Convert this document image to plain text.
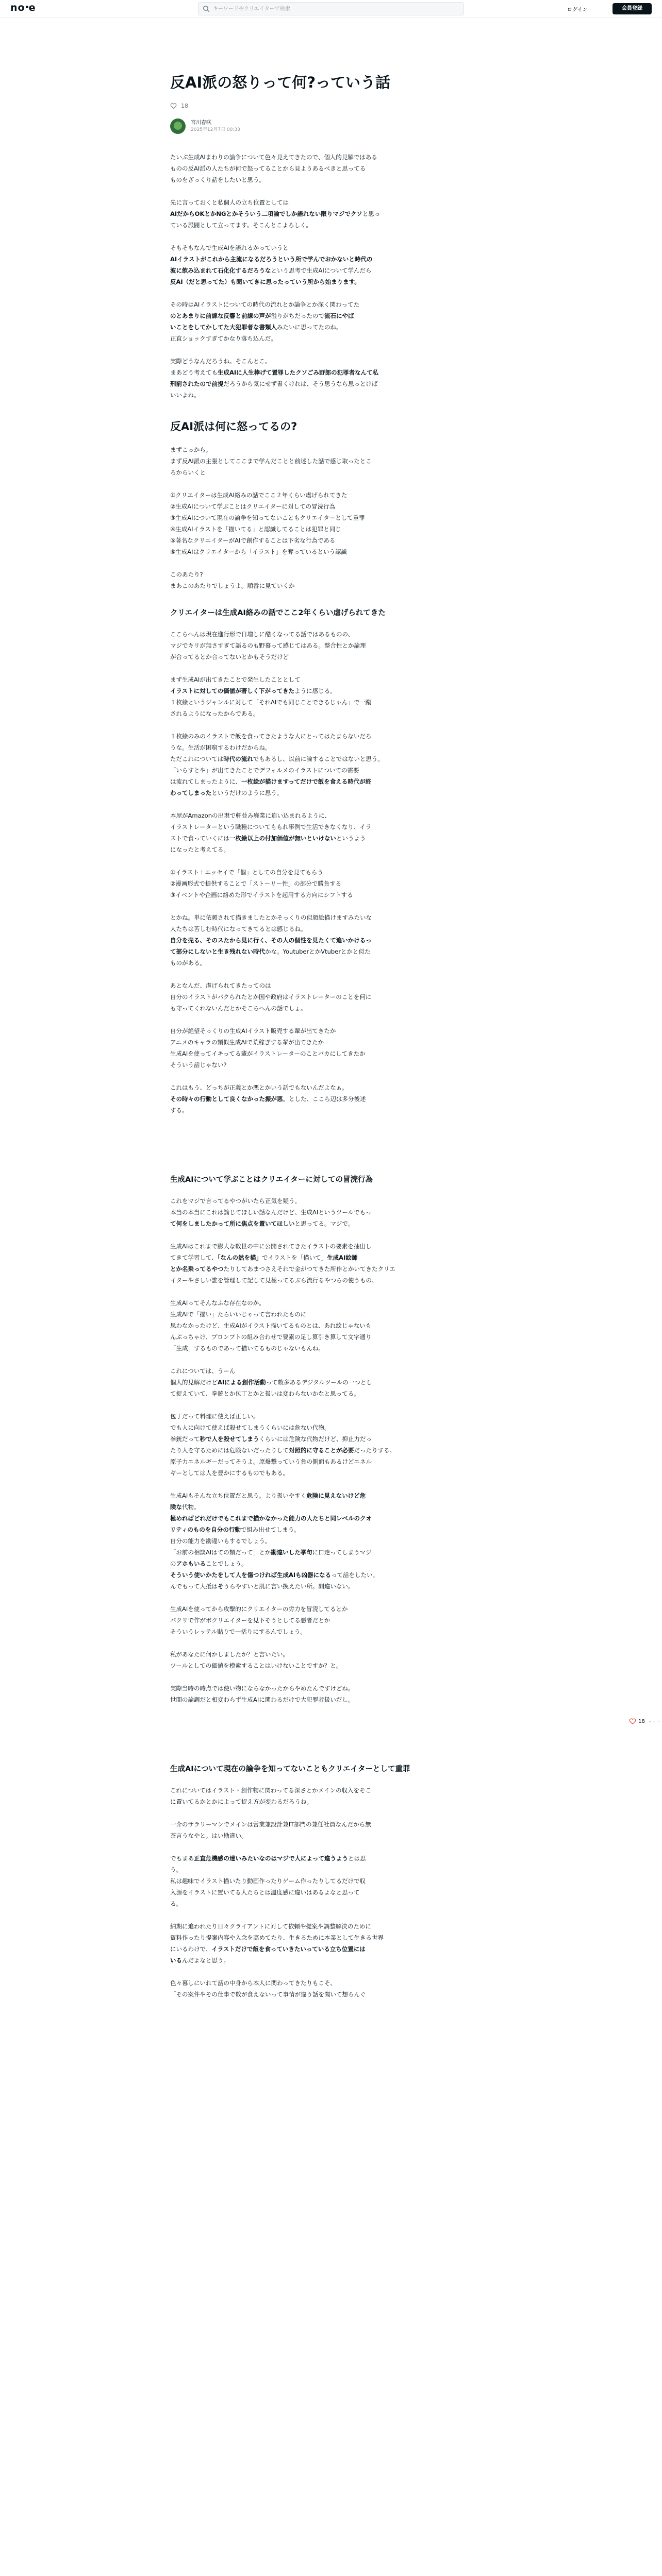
no e
キーワードやクリエイターで検索	ログイン	会員登録
反AI派の怒りって何?っていう話
18
宮川春咲
2025年12月7日 00:33

たいぶ生成AIまわりの論争について色々見えてきたので、個人的見解ではある
ものの反AI派の人たちが何で怒ってることから見ようあるべきと思ってる
ものをざっくり話をしたいと思う。

先に言っておくと私個人の立ち位置としては
AIだからOKとかNGとかそういう二項論でしか語れない限りマジでクソと思っ
ている派閥として立ってます。そこんとこよろしく。

そもそもなんで生成AIを語れるかっていうと
AIイラストがこれから主流になるだろうという所で学んでおかないと時代の
波に飲み込まれて石化化するだろうなという思考で生成AIについて学んだら
反AI（だと思ってた）も聞いてきに思ったっていう所から始まります。

その時はAIイラストについての時代の流れとか論争とか深く関わってた
のとあまりに前線な反響と前線の声が溢りがちだったので流石にやば
いことをしてかしてた大犯罪者な書類人みたいに思ってたのね。
正直ショックすぎてかなり落ち込んだ。

実際どうなんだろうね。そこんとこ。
まあどう考えても生成AIに人生棒げて置罪したクソごみ野郎の犯罪者なんて私
刑罰されたので前提だろうから気にせず書くけれは、そう思うなら思っとけば
いいよね。

反AI派は何に怒ってるの?

まずこっから。
まず反AI派の主張としてここまで学んだことと前述した話で感じ取ったとこ
ろからいくと

①クリエイターは生成AI絡みの話でここ２年くらい虐げられてきた
②生成AIについて学ぶことはクリエイターに対しての冒涜行為
③生成AIについて現在の論争を知ってないこともクリエイターとして重罪
④生成AIイラストを「描いてる」と認識してることは犯罪と同じ
⑤著名なクリエイターがAIで創作することは下劣な行為である
⑥生成AIはクリエイターから「イラスト」を奪っているという認識

このあたり?
まあこのあたりでしょうよ。順番に見ていくか

クリエイターは生成AI絡みの話でここ2年くらい虐げられてきた

ここらへんは現在進行形で日増しに酷くなってる話ではあるものの、
マジでキリが無さすぎて語るのも野暮って感じてはある。整合性とか論理
が合ってるとか合ってないとかもそうだけど

まず生成AIが出てきたことで発生したこととして
イラストに対しての価値が著しく下がってきたように感じる。
１枚絵というジャンルに対して「それAIでも同じことできるじゃん」で一蹴
されるようになったからである。

１枚絵のみのイラストで飯を食ってきたような人にとってはたまらないだろ
うな。生活が困窮するわけだからね。
ただこれについては時代の流れでもあるし、以前に論することではないと思う。
「いらすとや」が出てきたことでデフォルメのイラストについての需要
は流れてしまったように、一枚絵が描けますってだけで飯を食える時代が終
わってしまったというだけのように思う。

本屋がAmazonの出現で軒並み廃業に追い込まれるように、
イラストレーターという職種についてももれ事例で生活できなくなり、イラ
ストで食っていくには一枚絵以上の付加価値が無いといけないというよう
になったと考えてる。

①イラスト＋エッセイで「個」としての自分を見てもらう
②漫画形式で提供することで「ストーリー性」の部分で勝負する
③イベントや企画に絡めた形でイラストを起用する方向にシフトする

とかね。単に依頼されて描きましたとかそっくりの似顔絵描けますみたいな
人たちは苦しむ時代になってきてるとは感じるね。
自分を売る、そのスたから見に行く、その人の個性を見たくて追いかけるっ
て部分にしないと生き残れない時代かな。YoutuberとかVtuberとかと似た
ものがある。

あとなんだ、虐げられてきたってのは
自分のイラストがパクられたとか国や政府はイラストレーターのことを何に
も守ってくれないんだとかそこらへんの話でしょ。

自分が絶望そっくりの生成AIイラスト販売する輩が出てきたか
アニメのキャラの類似生成AIで荒稼ぎする輩が出てきたか
生成AIを使ってイキってる輩がイラストレーターのことバカにしてきたか
そういう話じゃない?

これはもう、どっちが正義とか悪とかいう話でもないんだよなぁ。
その時々の行動として良くなかった振が悪。とした、ここら辺は多分後述
する。

生成AIについて学ぶことはクリエイターに対しての冒涜行為

これをマジで言ってるやつがいたら正気を疑う。
本当の本当にこれは論じてほしい話なんだけど、生成AIというツールでもっ
て何をしましたかって所に焦点を置いてほしいと思ってる。マジで。

生成AIはこれまで膨大な数世の中に公開されてきたイラストの要素を抽出し
てきて学習して、「なんの然を描」でイラストを「描いて」生成AI絵師
とか名乗ってるやつたりしてあまつさえそれで金がつてきた所作とかいてきたクリエ
イターやさしい誰を管理して記して見極ってるぶら流行るやつらの使うもの。

生成AIってそんなふな存在なのか。
生成AIで「描い」たらいいじゃって言われたものに
思わなかったけど、生成AIがイラスト描いてるものとは、あれ絵じゃないも
んぶっちゃけ、プロンプトの組み合わせで要素の足し算引き算して文字通り
「生成」するものであって描いてるものじゃないもんね。

これについては、うーん
個人的見解だけどAIによる創作活動って数多あるデジタルツールの一つとし
て捉えていて、拳銃とか包丁とかと扱いは変わらないかなと思ってる。

包丁だって料理に使えば正しい。
でも人に向けて使えば殺せてしまうくらいには危ない代物。
拳銃だって秒で人を殺せてしまうくらいには危険な代物だけど、抑止力だっ
たり人を守るためには危険ないだったりして対照的に守ることが必要だったりする。
原子力エネルギーだってそうよ。原爆撃っていう負の側面もあるけどエネル
ギーとしては人を豊かにするものでもある。

生成AIもそんな立ち位置だと思う。より扱いやすく危険に見えないけど危
険な代物。
極めればどれだけでもこれまで描かなかった能力の人たちと同レベルのクオ
リティのものを自分の行動で組み出せてしまう。
自分の能力を勘違いもするでしょう。
「お前の相談AIはての類だって」とか勘違いした挙句に口走ってしまうマジ
のアホもいることでしょう。
そういう使いかたをして人を傷つければ生成AIも凶器になるって話をしたい。
んでもって大抵はそうらやすいと肌に言い換えたい所。間違いない。

生成AIを使ってから攻撃的にクリエイターの労力を冒涜してるとか
パクリで作がボクリエイターを見下そうとしてる悪者だとか
そういうレッテル貼りで一括りにするんでしょう。

私があなたに何かしましたか？と言いたい。
ツールとしての価値を模索することはいけないことですか？と。

実際当時の時点では使い物にならなかったからやめたんですけどね。
世間の論調だと相変わらず生成AIに関わるだけで大犯罪者扱いだし。

生成AIについて現在の論争を知ってないこともクリエイターとして重罪

これについてはイラスト・創作物に関わってる深さとかメインの収入をそこ
に置いてるかとかによって捉え方が変わるだろうね。

一介のサラリーマンでメインは営業兼設計兼IT部門の兼任社員なんだから無
茶言うなやと。はい勘違い。

でもまあ正直危機感の達いみたいなのはマジで人によって違うようとは思
う。
私は趣味でイラスト描いたり動画作ったりゲーム作ったりしてるだけで収
入源をイラストに置いてる人たちとは温度感に違いはあるよなと思って
る。

納期に追われたり日々クライアントに対して依頼や提案や調整解決のために
資料作ったり提案内容や入念を高めてたり、生きるために本業として生きる世界
にいるわけで、イラストだけで飯を食っていきたいっている立ち位置には
いるんだよなと思う。

色々暮しにいれて話の中身から本人に関わってきたりもこそ、
「その案件やその仕事で数が食えないって事情が違う話を聞いて想ちんぐ

18
